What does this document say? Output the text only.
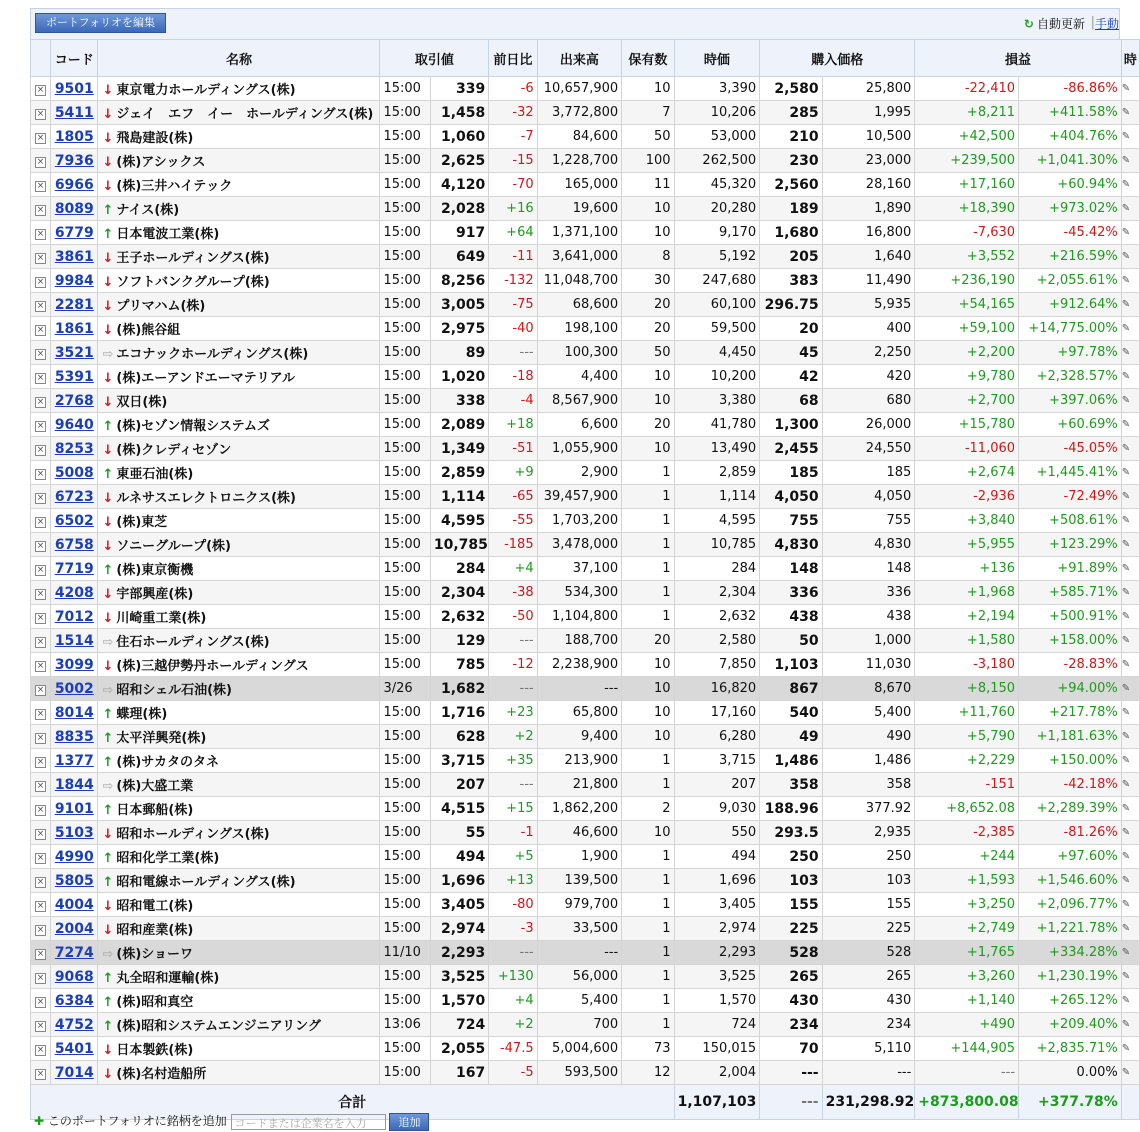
ポートフォリオを編集	↻ 自動更新 | 手動
	コード	名称	取引値		前日比	出来高	保有数	時価	購入価格		損益		時
×	9501	↓ 東京電力ホールディングス(株)	15:00	339	-6	10,657,900	10	3,390	2,580	25,800	-22,410	-86.86%	✎
×	5411	↓ ジェイ　エフ　イー　ホールディングス(株)	15:00	1,458	-32	3,772,800	7	10,206	285	1,995	+8,211	+411.58%	✎
×	1805	↓ 飛島建設(株)	15:00	1,060	-7	84,600	50	53,000	210	10,500	+42,500	+404.76%	✎
×	7936	↓ (株)アシックス	15:00	2,625	-15	1,228,700	100	262,500	230	23,000	+239,500	+1,041.30%	✎
×	6966	↓ (株)三井ハイテック	15:00	4,120	-70	165,000	11	45,320	2,560	28,160	+17,160	+60.94%	✎
×	8089	↑ ナイス(株)	15:00	2,028	+16	19,600	10	20,280	189	1,890	+18,390	+973.02%	✎
×	6779	↑ 日本電波工業(株)	15:00	917	+64	1,371,100	10	9,170	1,680	16,800	-7,630	-45.42%	✎
×	3861	↓ 王子ホールディングス(株)	15:00	649	-11	3,641,000	8	5,192	205	1,640	+3,552	+216.59%	✎
×	9984	↓ ソフトバンクグループ(株)	15:00	8,256	-132	11,048,700	30	247,680	383	11,490	+236,190	+2,055.61%	✎
×	2281	↓ プリマハム(株)	15:00	3,005	-75	68,600	20	60,100	296.75	5,935	+54,165	+912.64%	✎
×	1861	↓ (株)熊谷組	15:00	2,975	-40	198,100	20	59,500	20	400	+59,100	+14,775.00%	✎
×	3521	⇨ エコナックホールディングス(株)	15:00	89	---	100,300	50	4,450	45	2,250	+2,200	+97.78%	✎
×	5391	↓ (株)エーアンドエーマテリアル	15:00	1,020	-18	4,400	10	10,200	42	420	+9,780	+2,328.57%	✎
×	2768	↓ 双日(株)	15:00	338	-4	8,567,900	10	3,380	68	680	+2,700	+397.06%	✎
×	9640	↑ (株)セゾン情報システムズ	15:00	2,089	+18	6,600	20	41,780	1,300	26,000	+15,780	+60.69%	✎
×	8253	↓ (株)クレディセゾン	15:00	1,349	-51	1,055,900	10	13,490	2,455	24,550	-11,060	-45.05%	✎
×	5008	↑ 東亜石油(株)	15:00	2,859	+9	2,900	1	2,859	185	185	+2,674	+1,445.41%	✎
×	6723	↓ ルネサスエレクトロニクス(株)	15:00	1,114	-65	39,457,900	1	1,114	4,050	4,050	-2,936	-72.49%	✎
×	6502	↓ (株)東芝	15:00	4,595	-55	1,703,200	1	4,595	755	755	+3,840	+508.61%	✎
×	6758	↓ ソニーグループ(株)	15:00	10,785	-185	3,478,000	1	10,785	4,830	4,830	+5,955	+123.29%	✎
×	7719	↑ (株)東京衡機	15:00	284	+4	37,100	1	284	148	148	+136	+91.89%	✎
×	4208	↓ 宇部興産(株)	15:00	2,304	-38	534,300	1	2,304	336	336	+1,968	+585.71%	✎
×	7012	↓ 川崎重工業(株)	15:00	2,632	-50	1,104,800	1	2,632	438	438	+2,194	+500.91%	✎
×	1514	⇨ 住石ホールディングス(株)	15:00	129	---	188,700	20	2,580	50	1,000	+1,580	+158.00%	✎
×	3099	↓ (株)三越伊勢丹ホールディングス	15:00	785	-12	2,238,900	10	7,850	1,103	11,030	-3,180	-28.83%	✎
×	5002	⇨ 昭和シェル石油(株)	3/26	1,682	---	---	10	16,820	867	8,670	+8,150	+94.00%	✎
×	8014	↑ 蝶理(株)	15:00	1,716	+23	65,800	10	17,160	540	5,400	+11,760	+217.78%	✎
×	8835	↑ 太平洋興発(株)	15:00	628	+2	9,400	10	6,280	49	490	+5,790	+1,181.63%	✎
×	1377	↑ (株)サカタのタネ	15:00	3,715	+35	213,900	1	3,715	1,486	1,486	+2,229	+150.00%	✎
×	1844	⇨ (株)大盛工業	15:00	207	---	21,800	1	207	358	358	-151	-42.18%	✎
×	9101	↑ 日本郵船(株)	15:00	4,515	+15	1,862,200	2	9,030	188.96	377.92	+8,652.08	+2,289.39%	✎
×	5103	↓ 昭和ホールディングス(株)	15:00	55	-1	46,600	10	550	293.5	2,935	-2,385	-81.26%	✎
×	4990	↑ 昭和化学工業(株)	15:00	494	+5	1,900	1	494	250	250	+244	+97.60%	✎
×	5805	↑ 昭和電線ホールディングス(株)	15:00	1,696	+13	139,500	1	1,696	103	103	+1,593	+1,546.60%	✎
×	4004	↓ 昭和電工(株)	15:00	3,405	-80	979,700	1	3,405	155	155	+3,250	+2,096.77%	✎
×	2004	↓ 昭和産業(株)	15:00	2,974	-3	33,500	1	2,974	225	225	+2,749	+1,221.78%	✎
×	7274	⇨ (株)ショーワ	11/10	2,293	---	---	1	2,293	528	528	+1,765	+334.28%	✎
×	9068	↑ 丸全昭和運輸(株)	15:00	3,525	+130	56,000	1	3,525	265	265	+3,260	+1,230.19%	✎
×	6384	↑ (株)昭和真空	15:00	1,570	+4	5,400	1	1,570	430	430	+1,140	+265.12%	✎
×	4752	↑ (株)昭和システムエンジニアリング	13:06	724	+2	700	1	724	234	234	+490	+209.40%	✎
×	5401	↓ 日本製鉄(株)	15:00	2,055	-47.5	5,004,600	73	150,015	70	5,110	+144,905	+2,835.71%	✎
×	7014	↓ (株)名村造船所	15:00	167	-5	593,500	12	2,004	---	---	---	0.00%	✎
合計								1,107,103	---	231,298.92	+873,800.08	+377.78%	
✚ このポートフォリオに銘柄を追加 コードまたは企業名を入力	追加
